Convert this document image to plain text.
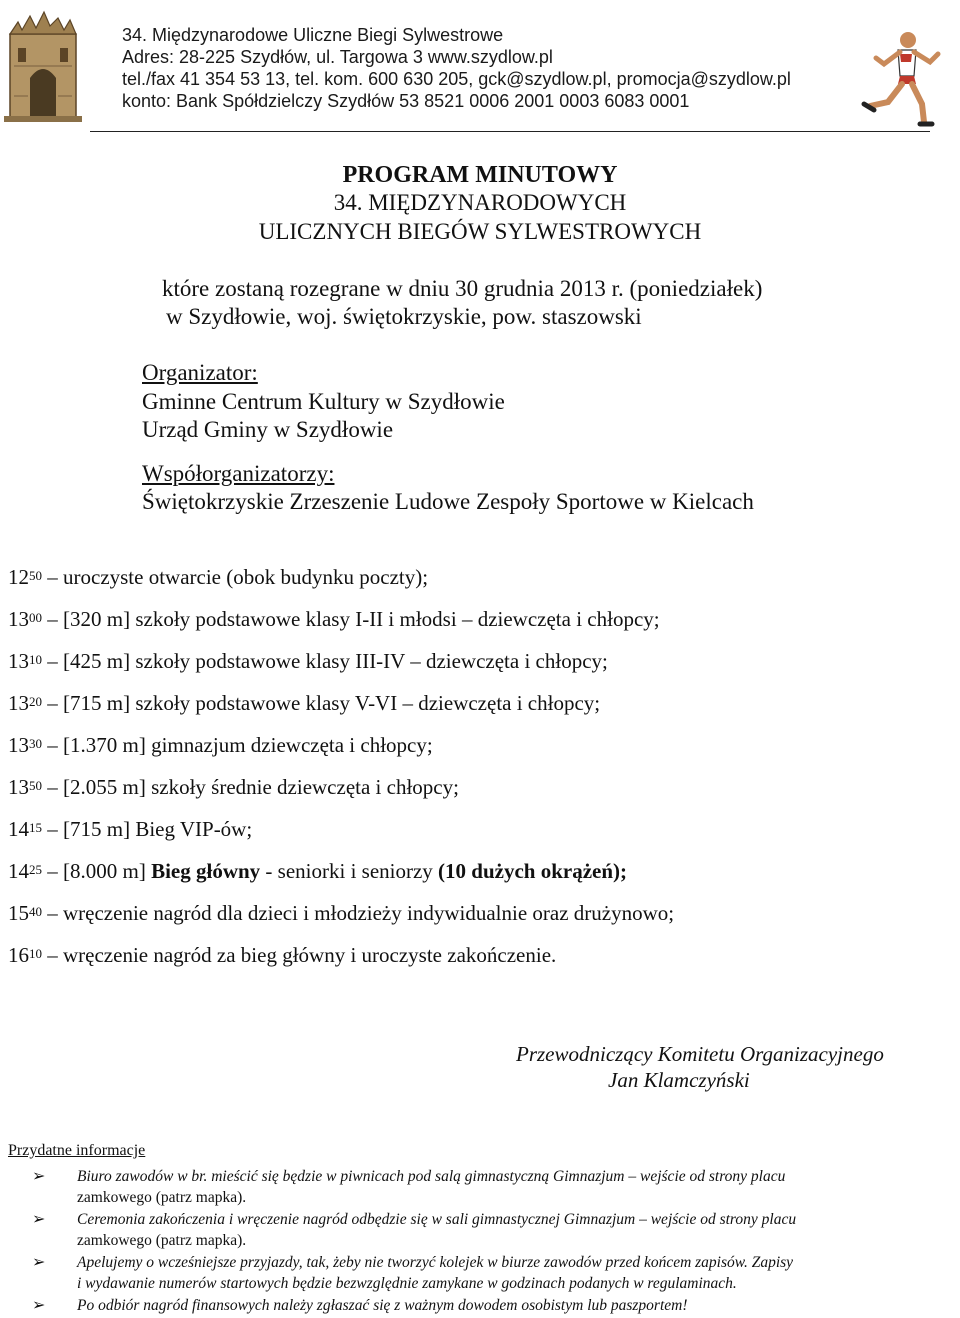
34. Międzynarodowe Uliczne Biegi Sylwestrowe
Adres: 28-225 Szydłów, ul. Targowa 3 www.szydlow.pl
tel./fax 41 354 53 13, tel. kom. 600 630 205, gck@szydlow.pl, promocja@szydlow.pl
konto: Bank Spółdzielczy Szydłów 53 8521 0006 2001 0003 6083 0001
PROGRAM MINUTOWY
34. MIĘDZYNARODOWYCH
ULICZNYCH BIEGÓW SYLWESTROWYCH
które zostaną rozegrane w dniu 30 grudnia 2013 r. (poniedziałek)
w Szydłowie, woj. świętokrzyskie, pow. staszowski
Organizator:
Gminne Centrum Kultury w Szydłowie
Urząd Gminy w Szydłowie
Współorganizatorzy:
Świętokrzyskie Zrzeszenie Ludowe Zespoły Sportowe w Kielcach
$12^{50}$ – uroczyste otwarcie (obok budynku poczty);
$13^{00} - [320$ m] szkoły podstawowe klasy I-II i młodsi – dziewczęta i chłopcy;
$13^{10} - [425$ m] szkoły podstawowe klasy III-IV – dziewczęta i chłopcy;
$13^{20} - [715$ m] szkoły podstawowe klasy V-VI – dziewczęta i chłopcy;
$13^{30} - [1.370$ m] gimnazjum dziewczęta i chłopcy;
$13^{50} - [2.055$ m] szkoły średnie dziewczęta i chłopcy;
$14^{15} - [715$ m] Bieg VIP-ów;
$14^{25} - [8.000$ m] Bieg główny - seniorki i seniorzy (10 dużych okrążeń);
$15^{40}$ – wręczenie nagród dla dzieci i młodzieży indywidualnie oraz drużynowo;
$16^{10}$ – wręczenie nagród za bieg główny i uroczyste zakończenie.
Przewodniczący Komitetu Organizacyjnego
Jan Klamczyński
Przydatne informacje
➢ Biuro zawodów w br. mieścić się będzie w piwnicach pod salą gimnastyczną Gimnazjum – wejście od strony placu
zamkowego (patrz mapka).
➢ Ceremonia zakończenia i wręczenie nagród odbędzie się w sali gimnastycznej Gimnazjum – wejście od strony placu
zamkowego (patrz mapka).
➢ Apelujemy o wcześniejsze przyjazdy, tak, żeby nie tworzyć kolejek w biurze zawodów przed końcem zapisów. Zapisy
i wydawanie numerów startowych będzie bezwzględnie zamykane w godzinach podanych w regulaminach.
➢ Po odbiór nagród finansowych należy zgłaszać się z ważnym dowodem osobistym lub paszportem!
